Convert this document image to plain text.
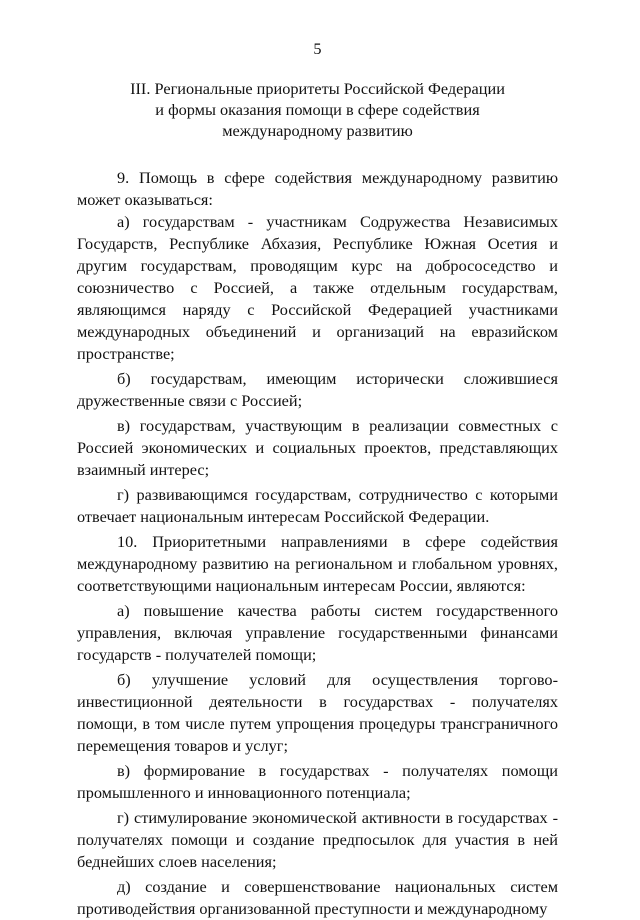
5
III. Региональные приоритеты Российской Федерации
и формы оказания помощи в сфере содействия
международному развитию

9. Помощь в сфере содействия международному развитию может оказываться:

а) государствам - участникам Содружества Независимых Государств, Республике Абхазия, Республике Южная Осетия и другим государствам, проводящим курс на добрососедство и союзничество с Россией, а также отдельным государствам, являющимся наряду с Российской Федерацией участниками международных объединений и организаций на евразийском пространстве;

б) государствам, имеющим исторически сложившиеся дружественные связи с Россией;

в) государствам, участвующим в реализации совместных с Россией экономических и социальных проектов, представляющих взаимный интерес;

г) развивающимся государствам, сотрудничество с которыми отвечает национальным интересам Российской Федерации.

10. Приоритетными направлениями в сфере содействия международному развитию на региональном и глобальном уровнях, соответствующими национальным интересам России, являются:

а) повышение качества работы систем государственного управления, включая управление государственными финансами государств - получателей помощи;

б) улучшение условий для осуществления торгово-инвестиционной деятельности в государствах - получателях помощи, в том числе путем упрощения процедуры трансграничного перемещения товаров и услуг;

в) формирование в государствах - получателях помощи промышленного и инновационного потенциала;

г) стимулирование экономической активности в государствах - получателях помощи и создание предпосылок для участия в ней беднейших слоев населения;

д) создание и совершенствование национальных систем противодействия организованной преступности и международному
